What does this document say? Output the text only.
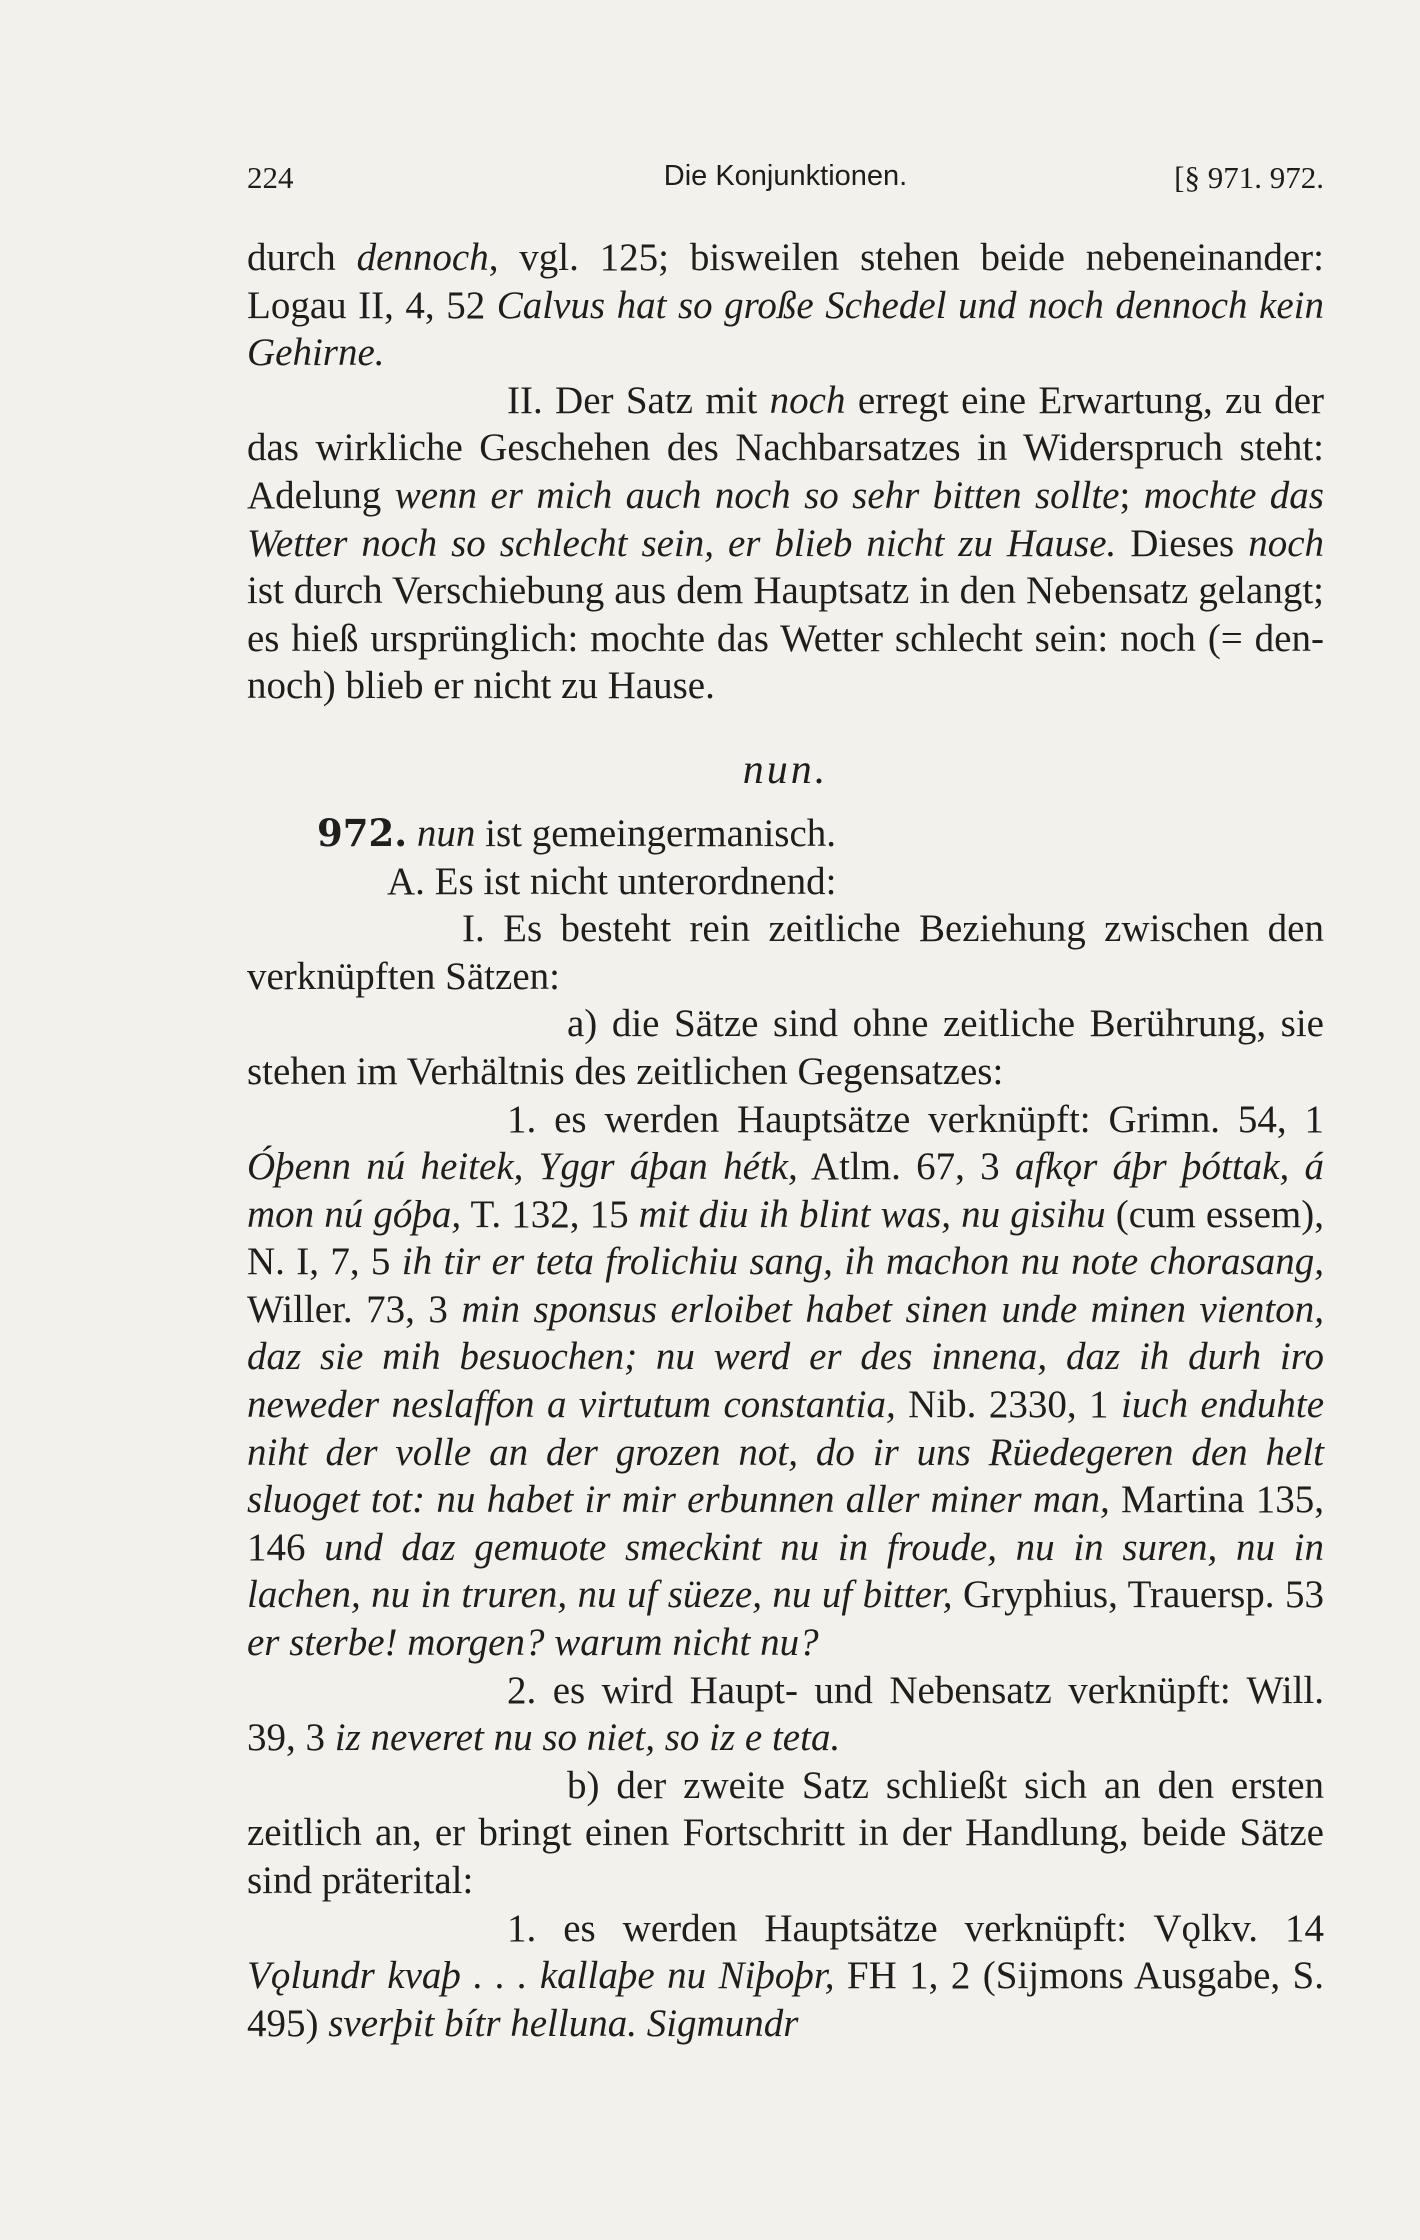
224	Die Konjunktionen.	[§ 971. 972.

durch dennoch, vgl. 125; bisweilen stehen beide nebeneinander: Logau II, 4, 52 Calvus hat so große Schedel und noch dennoch kein Gehirne.

II. Der Satz mit noch erregt eine Erwartung, zu der das wirkliche Geschehen des Nachbarsatzes in Widerspruch steht: Adelung wenn er mich auch noch so sehr bitten sollte; mochte das Wetter noch so schlecht sein, er blieb nicht zu Hause. Dieses noch ist durch Verschiebung aus dem Hauptsatz in den Nebensatz gelangt; es hieß ursprünglich: mochte das Wetter schlecht sein: noch (= dennoch) blieb er nicht zu Hause.

nun.

972. nun ist gemeingermanisch.

A. Es ist nicht unterordnend:

I. Es besteht rein zeitliche Beziehung zwischen den verknüpften Sätzen:

a) die Sätze sind ohne zeitliche Berührung, sie stehen im Verhältnis des zeitlichen Gegensatzes:

1. es werden Hauptsätze verknüpft: Grimn. 54, 1 Óþenn nú heitek, Yggr áþan hétk, Atlm. 67, 3 afkǫr áþr þóttak, á mon nú góþa, T. 132, 15 mit diu ih blint was, nu gisihu (cum essem), N. I, 7, 5 ih tir er teta frolichiu sang, ih machon nu note chorasang, Willer. 73, 3 min sponsus erloibet habet sinen unde minen vienton, daz sie mih besuochen; nu werd er des innena, daz ih durh iro neweder neslaffon a virtutum constantia, Nib. 2330, 1 iuch enduhte niht der volle an der grozen not, do ir uns Rüedegeren den helt sluoget tot: nu habet ir mir erbunnen aller miner man, Martina 135, 146 und daz gemuote smeckint nu in froude, nu in suren, nu in lachen, nu in truren, nu uf süeze, nu uf bitter, Gryphius, Trauersp. 53 er sterbe! morgen? warum nicht nu?

2. es wird Haupt- und Nebensatz verknüpft: Will. 39, 3 iz neveret nu so niet, so iz e teta.

b) der zweite Satz schließt sich an den ersten zeitlich an, er bringt einen Fortschritt in der Handlung, beide Sätze sind präterital:

1. es werden Hauptsätze verknüpft: Vǫlkv. 14 Vǫlundr kvaþ . . . kallaþe nu Niþoþr, FH 1, 2 (Sijmons Ausgabe, S. 495) sverþit bítr helluna. Sigmundr
